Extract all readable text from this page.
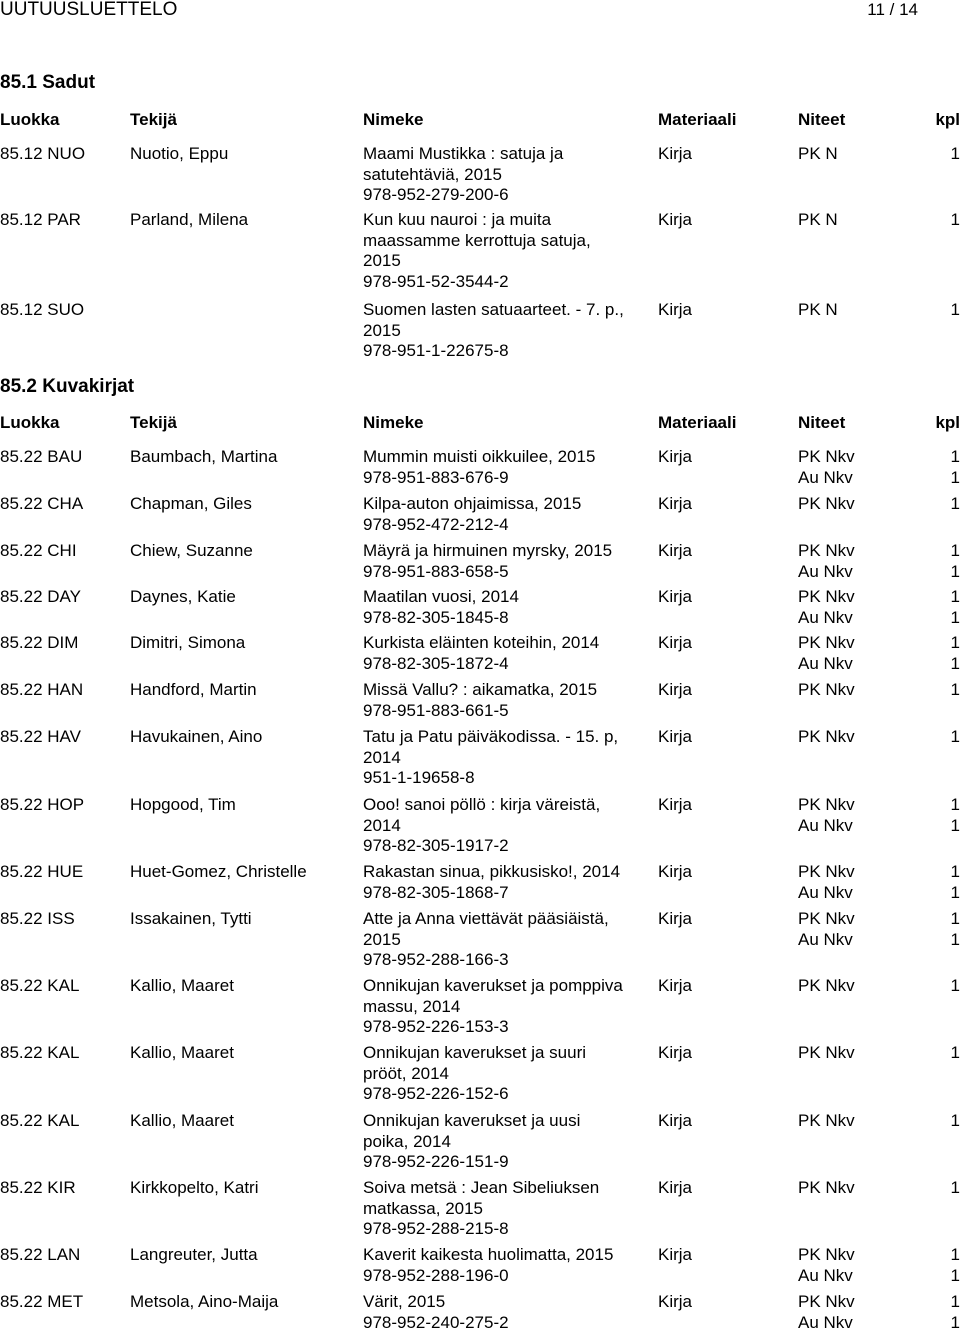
UUTUUSLUETTELO	11 / 14
85.1 Sadut
Luokka	Tekijä	Nimeke	Materiaali	Niteet	kpl
85.12 NUO	Nuotio, Eppu	Maami Mustikka : satuja ja
satutehtäviä, 2015
978-952-279-200-6
Kirja	PK N	1
85.12 PAR	Parland, Milena	Kun kuu nauroi : ja muita
maassamme kerrottuja satuja,
2015
978-951-52-3544-2
Kirja	PK N	1
85.12 SUO	Suomen lasten satuaarteet. - 7. p.,
2015
978-951-1-22675-8
Kirja	PK N	1
85.2 Kuvakirjat
Luokka	Tekijä	Nimeke	Materiaali	Niteet	kpl
85.22 BAU	Baumbach, Martina	Mummin muisti oikkuilee, 2015
978-951-883-676-9
Kirja	PK Nkv	1
Au Nkv	1
85.22 CHA	Chapman, Giles	Kilpa-auton ohjaimissa, 2015
978-952-472-212-4
Kirja	PK Nkv	1
85.22 CHI	Chiew, Suzanne	Mäyrä ja hirmuinen myrsky, 2015
978-951-883-658-5
Kirja	PK Nkv	1
Au Nkv	1
85.22 DAY	Daynes, Katie	Maatilan vuosi, 2014
978-82-305-1845-8
Kirja	PK Nkv	1
Au Nkv	1
85.22 DIM	Dimitri, Simona	Kurkista eläinten koteihin, 2014
978-82-305-1872-4
Kirja	PK Nkv	1
Au Nkv	1
85.22 HAN	Handford, Martin	Missä Vallu? : aikamatka, 2015
978-951-883-661-5
Kirja	PK Nkv	1
85.22 HAV	Havukainen, Aino	Tatu ja Patu päiväkodissa. - 15. p,
2014
951-1-19658-8
Kirja	PK Nkv	1
85.22 HOP	Hopgood, Tim	Ooo! sanoi pöllö : kirja väreistä,
2014
978-82-305-1917-2
Kirja	PK Nkv	1
Au Nkv	1
85.22 HUE	Huet-Gomez, Christelle	Rakastan sinua, pikkusisko!, 2014
978-82-305-1868-7
Kirja	PK Nkv	1
Au Nkv	1
85.22 ISS	Issakainen, Tytti	Atte ja Anna viettävät pääsiäistä,
2015
978-952-288-166-3
Kirja	PK Nkv	1
Au Nkv	1
85.22 KAL	Kallio, Maaret	Onnikujan kaverukset ja pomppiva
massu, 2014
978-952-226-153-3
Kirja	PK Nkv	1
85.22 KAL	Kallio, Maaret	Onnikujan kaverukset ja suuri
prööt, 2014
978-952-226-152-6
Kirja	PK Nkv	1
85.22 KAL	Kallio, Maaret	Onnikujan kaverukset ja uusi
poika, 2014
978-952-226-151-9
Kirja	PK Nkv	1
85.22 KIR	Kirkkopelto, Katri	Soiva metsä : Jean Sibeliuksen
matkassa, 2015
978-952-288-215-8
Kirja	PK Nkv	1
85.22 LAN	Langreuter, Jutta	Kaverit kaikesta huolimatta, 2015
978-952-288-196-0
Kirja	PK Nkv	1
Au Nkv	1
85.22 MET	Metsola, Aino-Maija	Värit, 2015
978-952-240-275-2
Kirja	PK Nkv	1
Au Nkv	1
